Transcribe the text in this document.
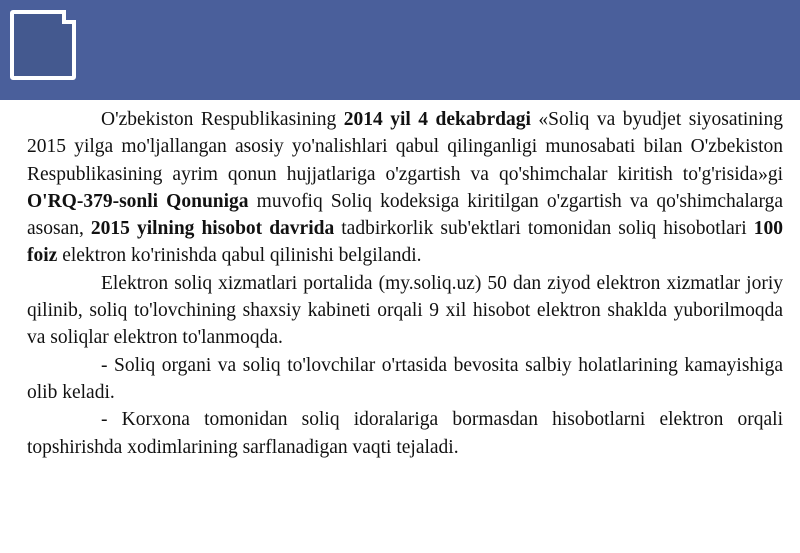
O'zbekiston Respublikasining 2014 yil 4 dekabrdagi «Soliq va byudjet siyosatining 2015 yilga mo'ljallangan asosiy yo'nalishlari qabul qilinganligi munosabati bilan O'zbekiston Respublikasining ayrim qonun hujjatlariga o'zgartish va qo'shimchalar kiritish to'g'risida»gi O'RQ-379-sonli Qonuniga muvofiq Soliq kodeksiga kiritilgan o'zgartish va qo'shimchalarga asosan, 2015 yilning hisobot davrida tadbirkorlik sub'ektlari tomonidan soliq hisobotlari 100 foiz elektron ko'rinishda qabul qilinishi belgilandi.

Elektron soliq xizmatlari portalida (my.soliq.uz) 50 dan ziyod elektron xizmatlar joriy qilinib, soliq to'lovchining shaxsiy kabineti orqali 9 xil hisobot elektron shaklda yuborilmoqda va soliqlar elektron to'lanmoqda.

- Soliq organi va soliq to'lovchilar o'rtasida bevosita salbiy holatlarining kamayishiga olib keladi.

- Korxona tomonidan soliq idoralariga bormasdan hisobotlarni elektron orqali topshirishda xodimlarining sarflanadigan vaqti tejaladi.
